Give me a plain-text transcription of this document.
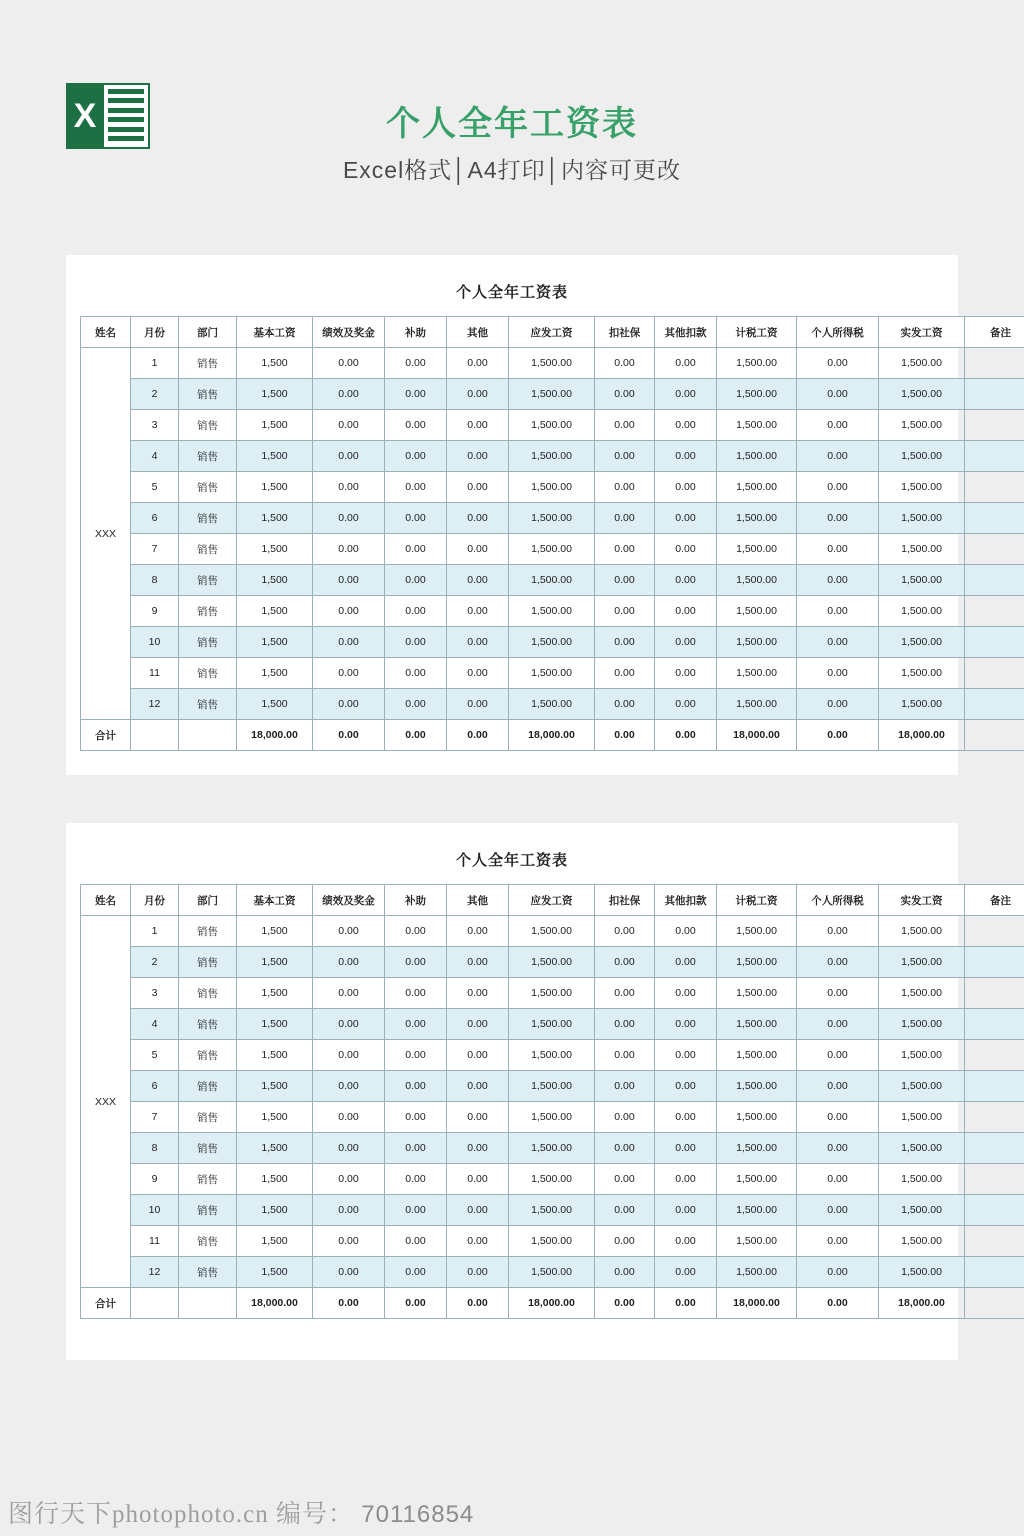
X	个人全年工资表
Excel格式│A4打印│内容可更改
个人全年工资表
姓名	月份	部门	基本工资	绩效及奖金	补助	其他	应发工资	扣社保	其他扣款	计税工资	个人所得税	实发工资	备注
XXX	1	销售	1,500	0.00	0.00	0.00	1,500.00	0.00	0.00	1,500.00	0.00	1,500.00	
	2	销售	1,500	0.00	0.00	0.00	1,500.00	0.00	0.00	1,500.00	0.00	1,500.00	
	3	销售	1,500	0.00	0.00	0.00	1,500.00	0.00	0.00	1,500.00	0.00	1,500.00	
	4	销售	1,500	0.00	0.00	0.00	1,500.00	0.00	0.00	1,500.00	0.00	1,500.00	
	5	销售	1,500	0.00	0.00	0.00	1,500.00	0.00	0.00	1,500.00	0.00	1,500.00	
	6	销售	1,500	0.00	0.00	0.00	1,500.00	0.00	0.00	1,500.00	0.00	1,500.00	
	7	销售	1,500	0.00	0.00	0.00	1,500.00	0.00	0.00	1,500.00	0.00	1,500.00	
	8	销售	1,500	0.00	0.00	0.00	1,500.00	0.00	0.00	1,500.00	0.00	1,500.00	
	9	销售	1,500	0.00	0.00	0.00	1,500.00	0.00	0.00	1,500.00	0.00	1,500.00	
	10	销售	1,500	0.00	0.00	0.00	1,500.00	0.00	0.00	1,500.00	0.00	1,500.00	
	11	销售	1,500	0.00	0.00	0.00	1,500.00	0.00	0.00	1,500.00	0.00	1,500.00	
	12	销售	1,500	0.00	0.00	0.00	1,500.00	0.00	0.00	1,500.00	0.00	1,500.00	
合计			18,000.00	0.00	0.00	0.00	18,000.00	0.00	0.00	18,000.00	0.00	18,000.00	
个人全年工资表
姓名	月份	部门	基本工资	绩效及奖金	补助	其他	应发工资	扣社保	其他扣款	计税工资	个人所得税	实发工资	备注
XXX	1	销售	1,500	0.00	0.00	0.00	1,500.00	0.00	0.00	1,500.00	0.00	1,500.00	
	2	销售	1,500	0.00	0.00	0.00	1,500.00	0.00	0.00	1,500.00	0.00	1,500.00	
	3	销售	1,500	0.00	0.00	0.00	1,500.00	0.00	0.00	1,500.00	0.00	1,500.00	
	4	销售	1,500	0.00	0.00	0.00	1,500.00	0.00	0.00	1,500.00	0.00	1,500.00	
	5	销售	1,500	0.00	0.00	0.00	1,500.00	0.00	0.00	1,500.00	0.00	1,500.00	
	6	销售	1,500	0.00	0.00	0.00	1,500.00	0.00	0.00	1,500.00	0.00	1,500.00	
	7	销售	1,500	0.00	0.00	0.00	1,500.00	0.00	0.00	1,500.00	0.00	1,500.00	
	8	销售	1,500	0.00	0.00	0.00	1,500.00	0.00	0.00	1,500.00	0.00	1,500.00	
	9	销售	1,500	0.00	0.00	0.00	1,500.00	0.00	0.00	1,500.00	0.00	1,500.00	
	10	销售	1,500	0.00	0.00	0.00	1,500.00	0.00	0.00	1,500.00	0.00	1,500.00	
	11	销售	1,500	0.00	0.00	0.00	1,500.00	0.00	0.00	1,500.00	0.00	1,500.00	
	12	销售	1,500	0.00	0.00	0.00	1,500.00	0.00	0.00	1,500.00	0.00	1,500.00	
合计			18,000.00	0.00	0.00	0.00	18,000.00	0.00	0.00	18,000.00	0.00	18,000.00	
图行天下photophoto.cn 编号： 70116854
